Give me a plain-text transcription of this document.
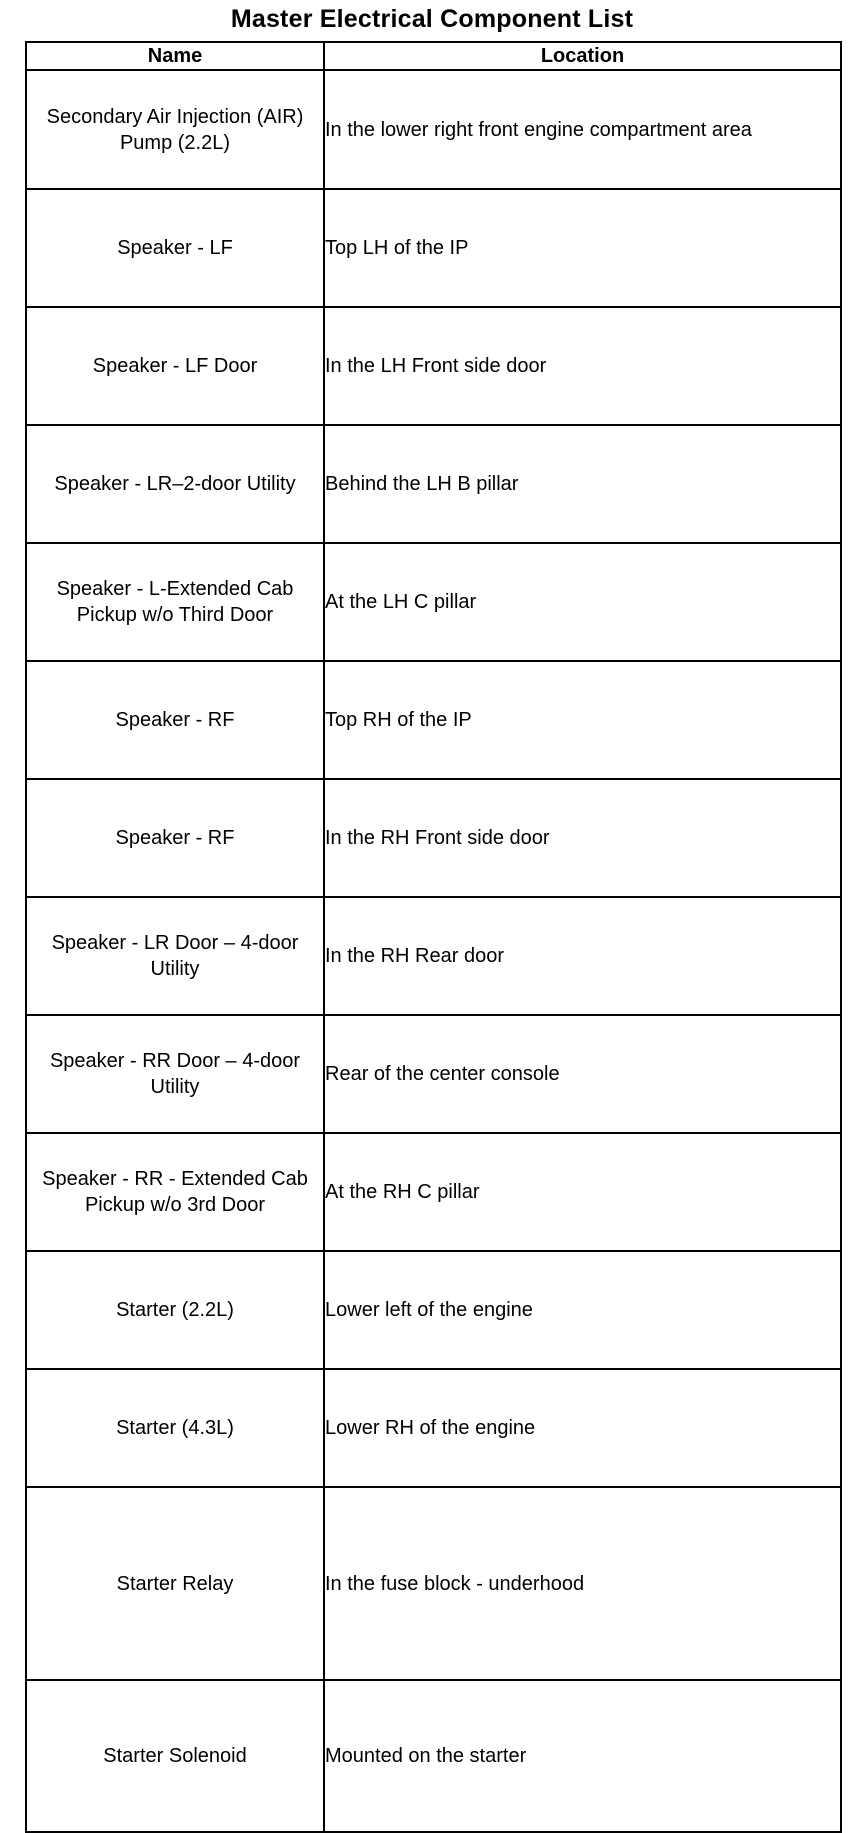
Master Electrical Component List
Name	Location
Secondary Air Injection (AIR) Pump (2.2L)	In the lower right front engine compartment area
Speaker - LF	Top LH of the IP
Speaker - LF Door	In the LH Front side door
Speaker - LR–2-door Utility	Behind the LH B pillar
Speaker - L-Extended Cab Pickup w/o Third Door	At the LH C pillar
Speaker - RF	Top RH of the IP
Speaker - RF	In the RH Front side door
Speaker - LR Door – 4-door Utility	In the RH Rear door
Speaker - RR Door – 4-door Utility	Rear of the center console
Speaker - RR - Extended Cab Pickup w/o 3rd Door	At the RH C pillar
Starter (2.2L)	Lower left of the engine
Starter (4.3L)	Lower RH of the engine
Starter Relay	In the fuse block - underhood
Starter Solenoid	Mounted on the starter
